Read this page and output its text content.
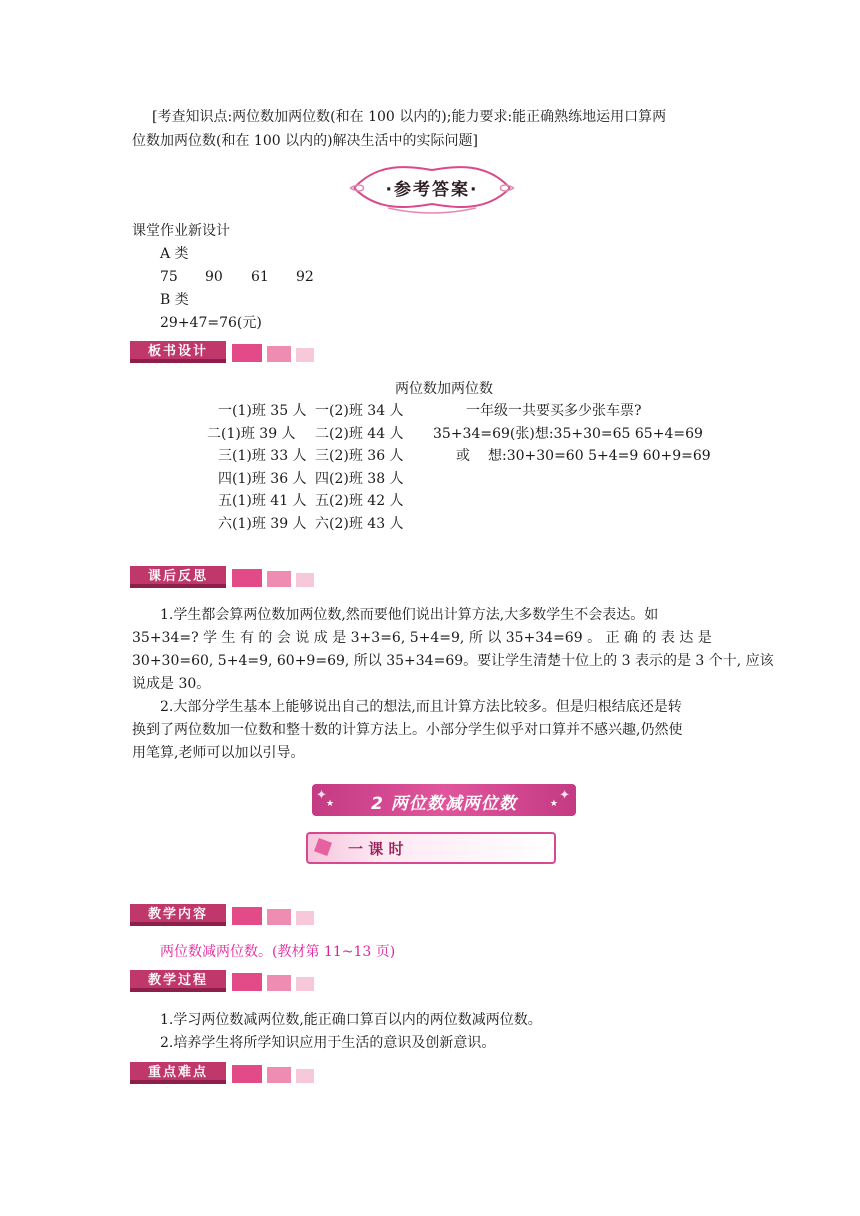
[考查知识点:两位数加两位数(和在 100 以内的);能力要求:能正确熟练地运用口算两
位数加两位数(和在 100 以内的)解决生活中的实际问题]
·参考答案·
课堂作业新设计
A 类
75 90 61 92
B 类
29+47=76(元)
板书设计
两位数加两位数
一(1)班 35 人
二(1)班 39 人
三(1)班 33 人
四(1)班 36 人
五(1)班 41 人
六(1)班 39 人
一(2)班 34 人
二(2)班 44 人
三(2)班 36 人
四(2)班 38 人
五(2)班 42 人
六(2)班 43 人
一年级一共要买多少张车票?
35+34=69(张)想:35+30=65 65+4=69
或 想:30+30=60 5+4=9 60+9=69
课后反思
1.学生都会算两位数加两位数,然而要他们说出计算方法,大多数学生不会表达。如
35+34=? 学 生 有 的 会 说 成 是 3+3=6, 5+4=9, 所 以 35+34=69 。 正 确 的 表 达 是
30+30=60, 5+4=9, 60+9=69, 所以 35+34=69。要让学生清楚十位上的 3 表示的是 3 个十, 应该
说成是 30。
2.大部分学生基本上能够说出自己的想法,而且计算方法比较多。但是归根结底还是转
换到了两位数加一位数和整十数的计算方法上。小部分学生似乎对口算并不感兴趣,仍然使
用笔算,老师可以加以引导。
✦
★
✦
★
2 两位数减两位数
一 课 时
教学内容
两位数减两位数。(教材第 11~13 页)
教学过程
1.学习两位数减两位数,能正确口算百以内的两位数减两位数。
2.培养学生将所学知识应用于生活的意识及创新意识。
重点难点
